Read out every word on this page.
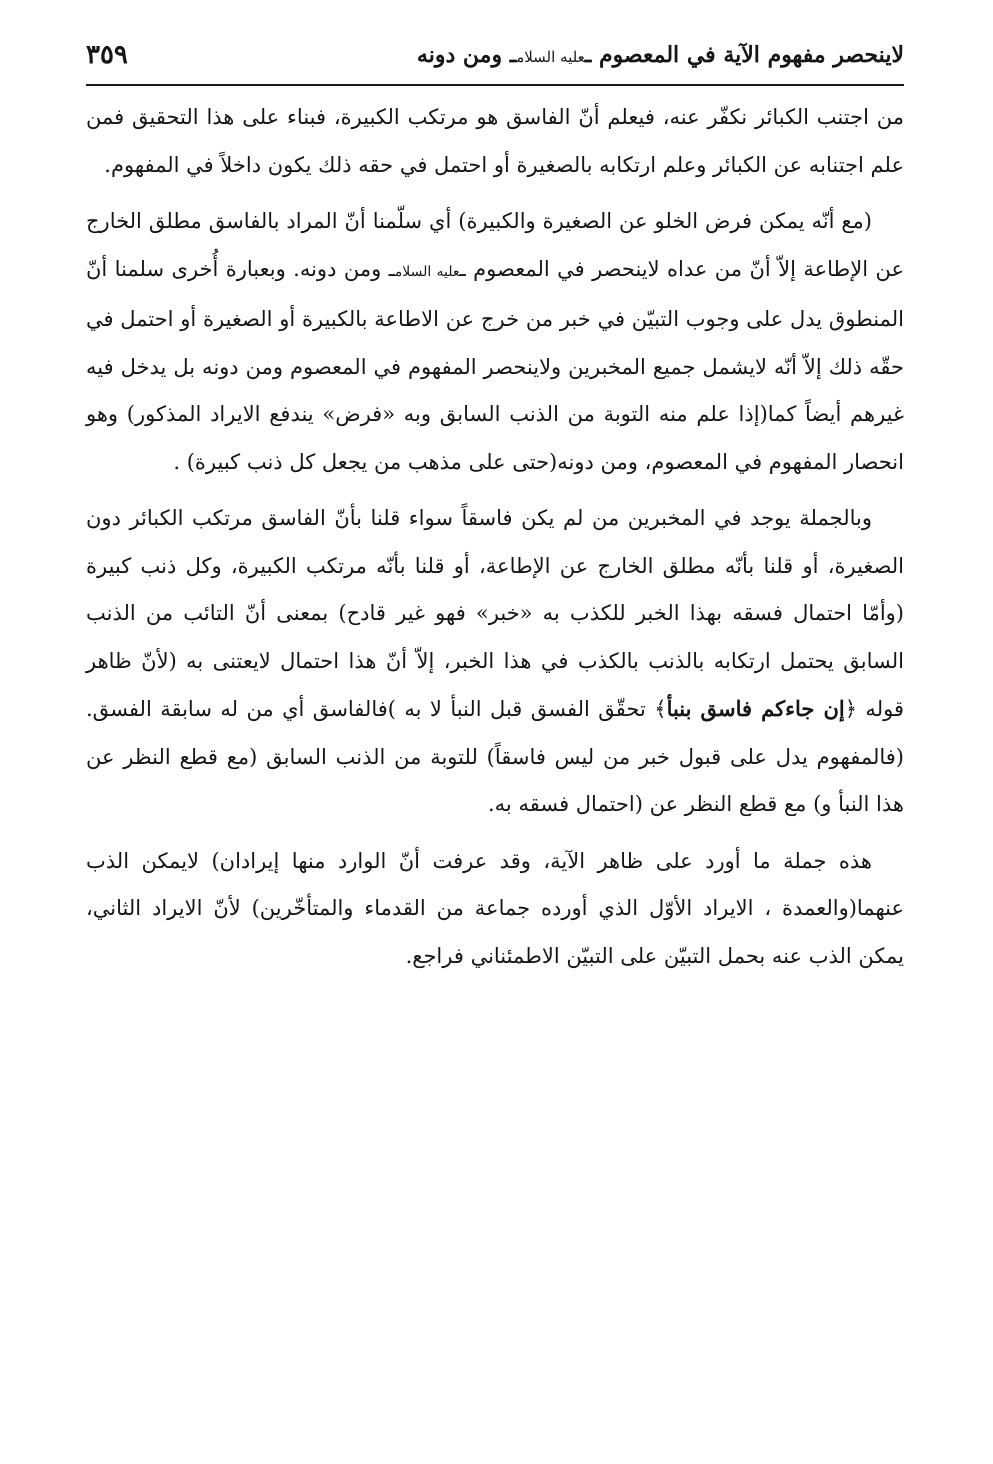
لاينحصر مفهوم الآية في المعصوم ـعليه السلامـ ومن دونه
٣٥٩

من اجتنب الكبائر نكفّر عنه، فيعلم أنّ الفاسق هو مرتكب الكبيرة، فبناء على هذا التحقيق فمن علم اجتنابه عن الكبائر وعلم ارتكابه بالصغيرة أو احتمل في حقه ذلك يكون داخلاً في المفهوم.

(مع أنّه يمكن فرض الخلو عن الصغيرة والكبيرة) أي سلّمنا أنّ المراد بالفاسق مطلق الخارج عن الإطاعة إلاّ أنّ من عداه لاينحصر في المعصوم ـعليه السلامـ ومن دونه. وبعبارة أُخرى سلمنا أنّ المنطوق يدل على وجوب التبيّن في خبر من خرج عن الاطاعة بالكبيرة أو الصغيرة أو احتمل في حقّه ذلك إلاّ أنّه لايشمل جميع المخبرين ولاينحصر المفهوم في المعصوم ومن دونه بل يدخل فيه غيرهم أيضاً كما(إذا علم منه التوبة من الذنب السابق وبه «فرض» يندفع الايراد المذكور) وهو انحصار المفهوم في المعصوم، ومن دونه(حتى على مذهب من يجعل كل ذنب كبيرة) .

وبالجملة يوجد في المخبرين من لم يكن فاسقاً سواء قلنا بأنّ الفاسق مرتكب الكبائر دون الصغيرة، أو قلنا بأنّه مطلق الخارج عن الإطاعة، أو قلنا بأنّه مرتكب الكبيرة، وكل ذنب كبيرة (وأمّا احتمال فسقه بهذا الخبر للكذب به «خبر» فهو غير قادح) بمعنى أنّ التائب من الذنب السابق يحتمل ارتكابه بالذنب بالكذب في هذا الخبر، إلاّ أنّ هذا احتمال لايعتنى به (لأنّ ظاهر قوله ﴿إن جاءكم فاسق بنبأ﴾ تحقّق الفسق قبل النبأ لا به )فالفاسق أي من له سابقة الفسق. (فالمفهوم يدل على قبول خبر من ليس فاسقاً) للتوبة من الذنب السابق (مع قطع النظر عن هذا النبأ و) مع قطع النظر عن (احتمال فسقه به.

هذه جملة ما أورد على ظاهر الآية، وقد عرفت أنّ الوارد منها إيرادان) لايمكن الذب عنهما(والعمدة ، الايراد الأوّل الذي أورده جماعة من القدماء والمتأخّرين) لأنّ الايراد الثاني، يمكن الذب عنه بحمل التبيّن على التبيّن الاطمئناني فراجع.
